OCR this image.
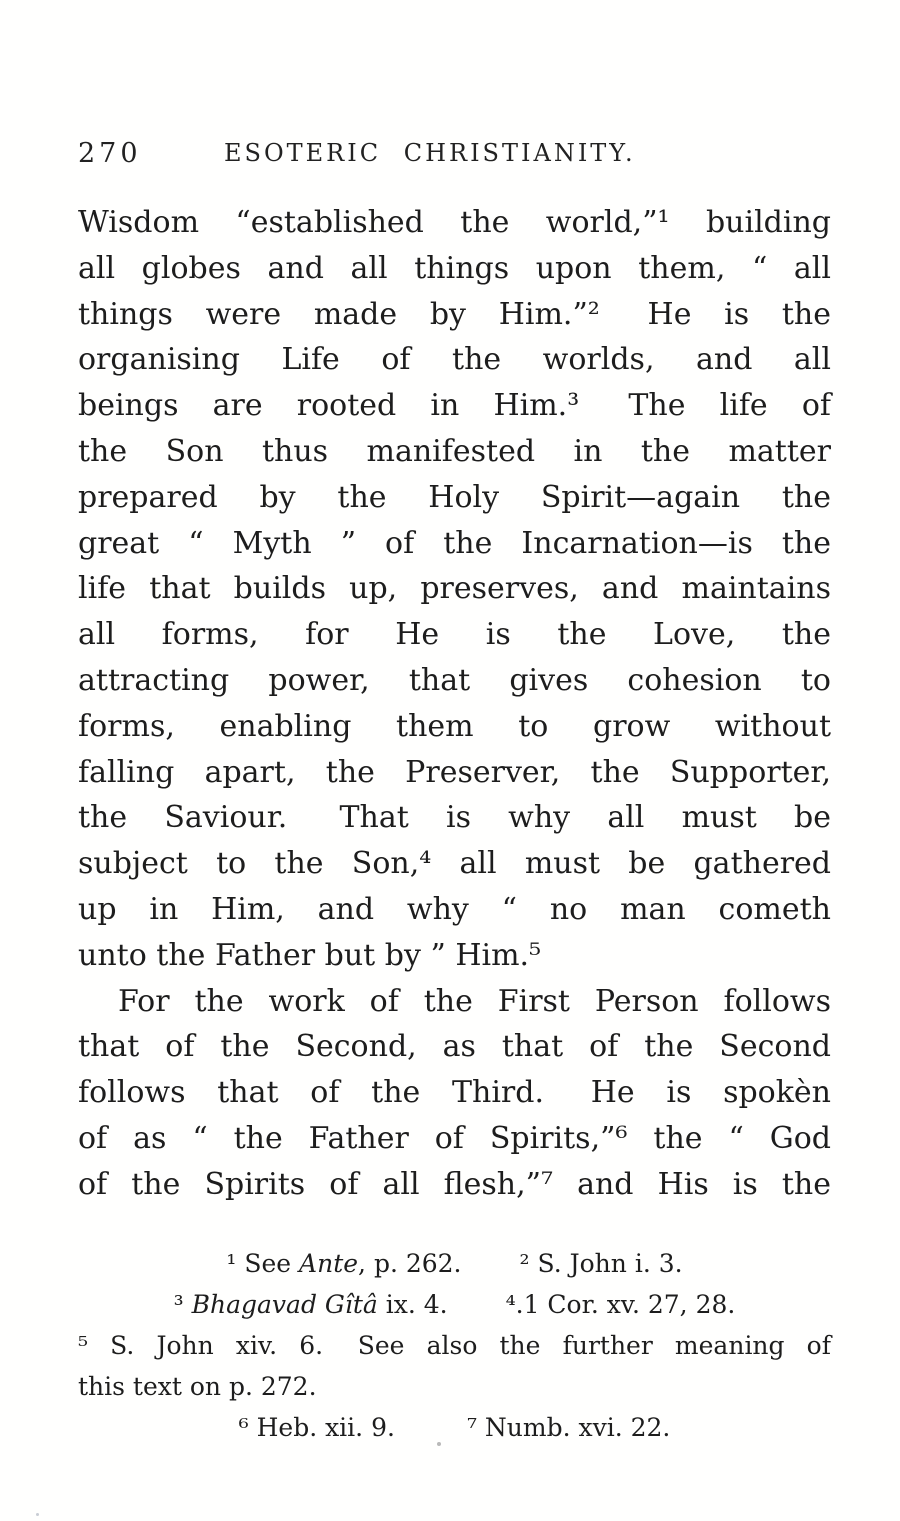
270	ESOTERIC CHRISTIANITY.
Wisdom “established the world,”¹ building
all globes and all things upon them, “ all
things were made by Him.”²  He is the
organising Life of the worlds, and all
beings are rooted in Him.³  The life of
the Son thus manifested in the matter
prepared by the Holy Spirit—again the
great “ Myth ” of the Incarnation—is the
life that builds up, preserves, and maintains
all forms, for He is the Love, the
attracting power, that gives cohesion to
forms, enabling them to grow without
falling apart, the Preserver, the Supporter,
the Saviour.  That is why all must be
subject to the Son,⁴ all must be gathered
up in Him, and why “ no man cometh
unto the Father but by ” Him.⁵
For the work of the First Person follows
that of the Second, as that of the Second
follows that of the Third.  He is spokèn
of as “ the Father of Spirits,”⁶ the “ God
of the Spirits of all flesh,”⁷ and His is the
¹ See Ante, p. 262. ² S. John i. 3.
³ Bhagavad Gîtâ ix. 4. ⁴.1 Cor. xv. 27, 28.
⁵ S. John xiv. 6.  See also the further meaning of
this text on p. 272.
⁶ Heb. xii. 9.	⁷ Numb. xvi. 22.
